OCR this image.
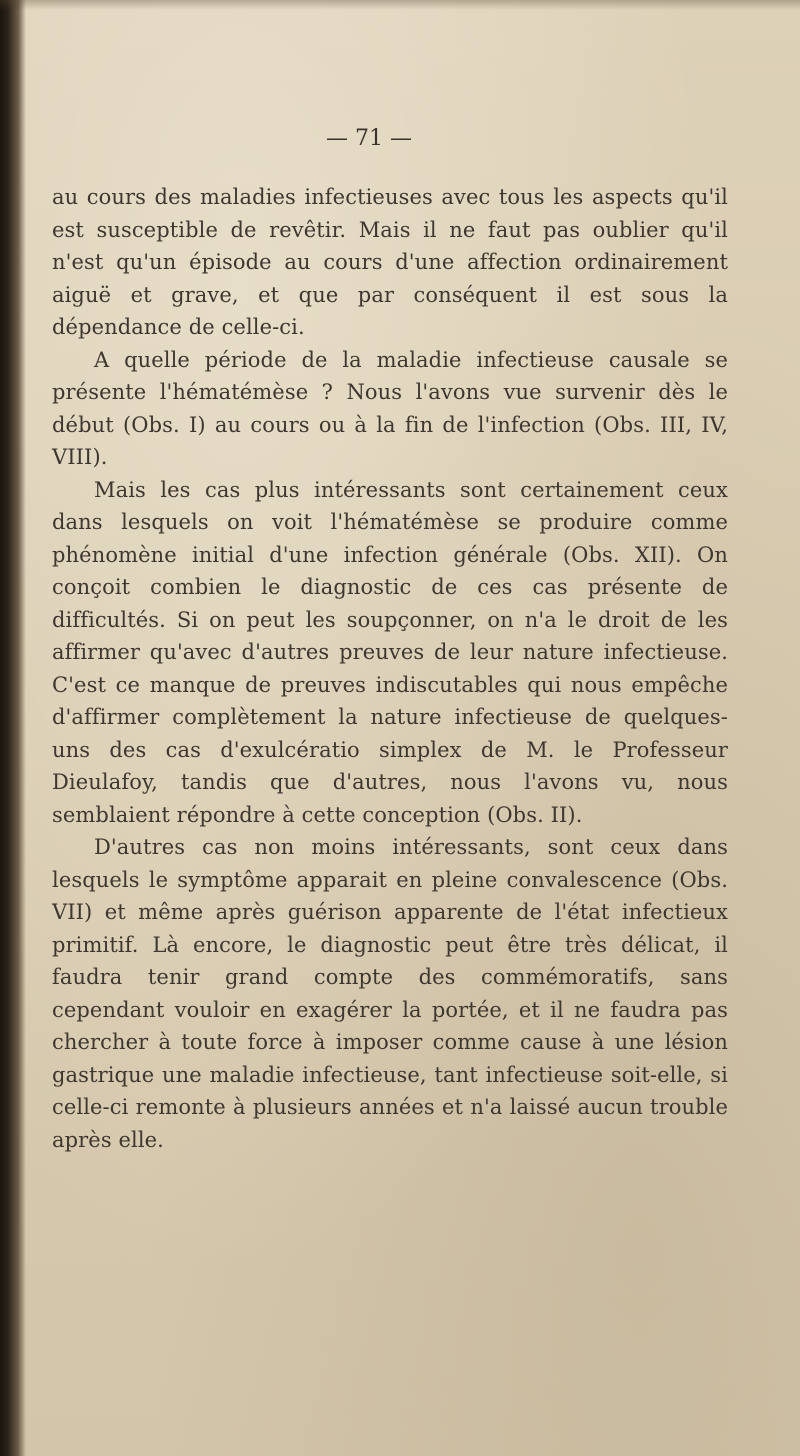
— 71 —

au cours des maladies infectieuses avec tous les aspects qu'il est susceptible de revêtir. Mais il ne faut pas oublier qu'il n'est qu'un épisode au cours d'une affection ordinairement aiguë et grave, et que par conséquent il est sous la dépendance de celle-ci.

A quelle période de la maladie infectieuse causale se présente l'hématémèse ? Nous l'avons vue survenir dès le début (Obs. I) au cours ou à la fin de l'infection (Obs. III, IV, VIII).

Mais les cas plus intéressants sont certainement ceux dans lesquels on voit l'hématémèse se produire comme phénomène initial d'une infection générale (Obs. XII). On conçoit combien le diagnostic de ces cas présente de difficultés. Si on peut les soupçonner, on n'a le droit de les affirmer qu'avec d'autres preuves de leur nature infectieuse. C'est ce manque de preuves indiscutables qui nous empêche d'affirmer complètement la nature infectieuse de quelques-uns des cas d'exulcératio simplex de M. le Professeur Dieulafoy, tandis que d'autres, nous l'avons vu, nous semblaient répondre à cette conception (Obs. II).

D'autres cas non moins intéressants, sont ceux dans lesquels le symptôme apparait en pleine convalescence (Obs. VII) et même après guérison apparente de l'état infectieux primitif. Là encore, le diagnostic peut être très délicat, il faudra tenir grand compte des commémoratifs, sans cependant vouloir en exagérer la portée, et il ne faudra pas chercher à toute force à imposer comme cause à une lésion gastrique une maladie infectieuse, tant infectieuse soit-elle, si celle-ci remonte à plusieurs années et n'a laissé aucun trouble après elle.
